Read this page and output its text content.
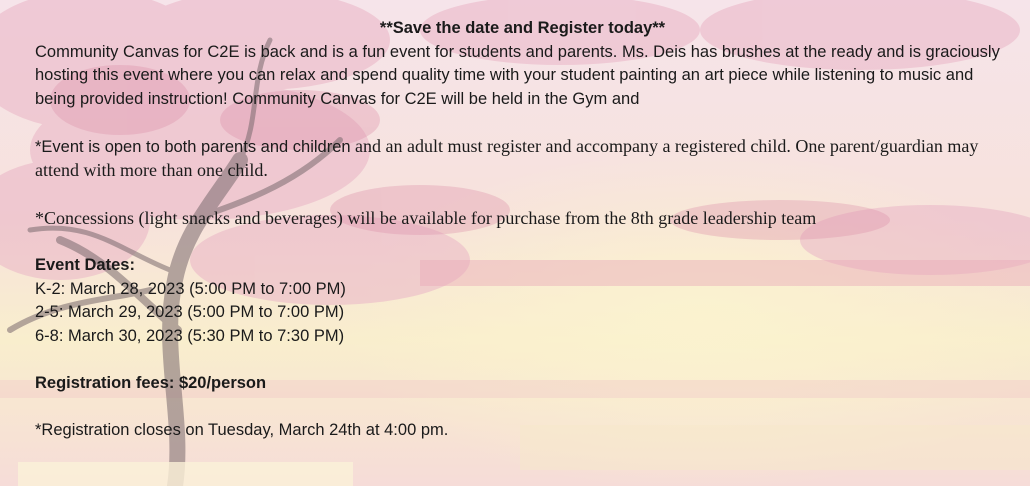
**Save the date and Register today**

Community Canvas for C2E is back and is a fun event for students and parents. Ms. Deis has brushes at the ready and is graciously hosting this event where you can relax and spend quality time with your student painting an art piece while listening to music and being provided instruction! Community Canvas for C2E will be held in the Gym and

*Event is open to both parents and children and an adult must register and accompany a registered child. One parent/guardian may attend with more than one child.

*Concessions (light snacks and beverages) will be available for purchase from the 8th grade leadership team

Event Dates:

K-2: March 28, 2023 (5:00 PM to 7:00 PM)

2-5: March 29, 2023 (5:00 PM to 7:00 PM)

6-8: March 30, 2023 (5:30 PM to 7:30 PM)

Registration fees: $20/person

*Registration closes on Tuesday, March 24th at 4:00 pm.
